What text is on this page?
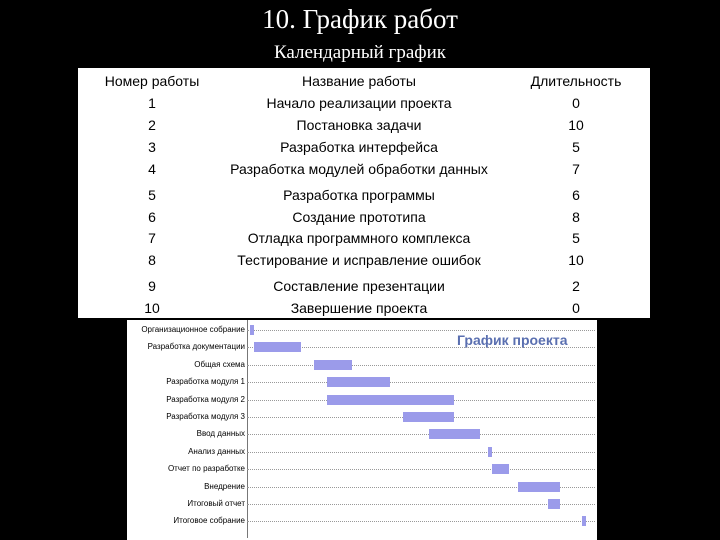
10. График работ
Календарный график
Номер работы	Название работы	Длительность
1	Начало реализации проекта	0
2	Постановка задачи	10
3	Разработка интерфейса	5
4	Разработка модулей обработки данных	7
5	Разработка программы	6
6	Создание прототипа	8
7	Отладка программного комплекса	5
8	Тестирование и исправление ошибок	10
9	Составление презентации	2
10	Завершение проекта	0
График проекта
Организационное собрание
Разработка документации
Общая схема
Разработка модуля 1
Разработка модуля 2
Разработка модуля 3
Ввод данных
Анализ данных
Отчет по разработке
Внедрение
Итоговый отчет
Итоговое собрание
